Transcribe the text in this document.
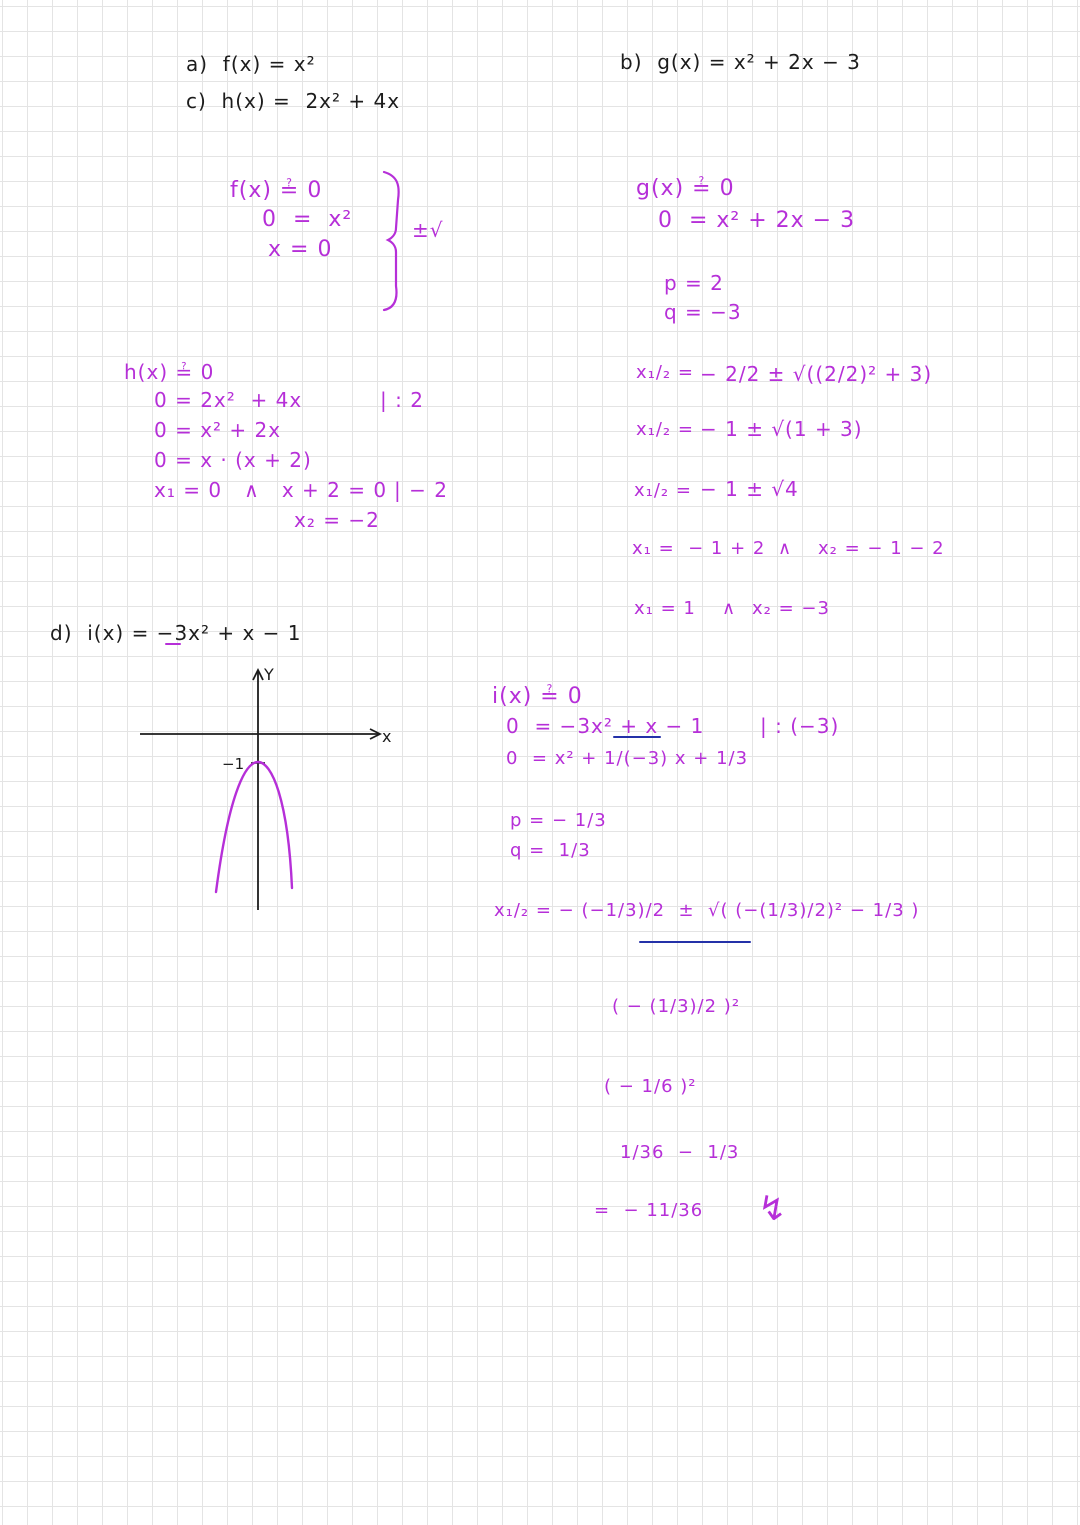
a)  f(x) = x²	b)  g(x) = x² + 2x − 3
c)  h(x) =  2x² + 4x
d)  i(x) = −3x² + x − 1
f(x) ≟ 0
0  =  x²
x = 0
±√
g(x) ≟ 0
0  = x² + 2x − 3
p = 2
q = −3
x₁/₂ = − 2/2 ± √((2/2)² + 3)
x₁/₂ = − 1 ± √(1 + 3)
x₁/₂ = − 1 ± √4
x₁ =  − 1 + 2 ∧ x₂ = − 1 − 2
x₁ = 1 ∧ x₂ = −3
h(x) ≟ 0
0 = 2x²  + 4x	| : 2
0 = x² + 2x
0 = x · (x + 2)
x₁ = 0   ∧   x + 2 = 0 | − 2
x₂ = −2
i(x) ≟ 0
0  = −3x² + x − 1	| : (−3)
0  = x² + 1/(−3) x + 1/3
p = − 1/3
q =  1/3
x₁/₂ = − (−1/3)/2  ±  √( (−(1/3)/2)² − 1/3 )
( − (1/3)/2 )²
( − 1/6 )²
1/36  −  1/3
=  − 11/36 ↯
x
Y
−1
